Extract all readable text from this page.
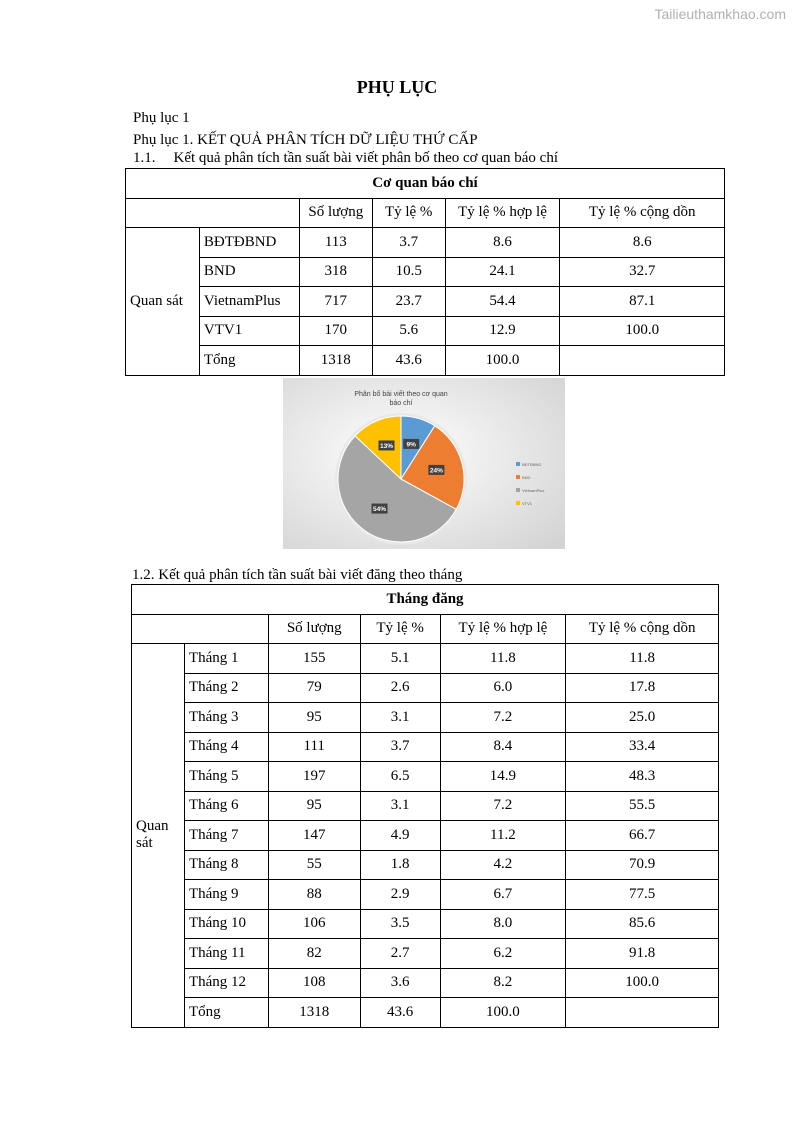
Tailieuthamkhao.com
PHỤ LỤC
Phụ lục 1
Phụ lục 1. KẾT QUẢ PHÂN TÍCH DỮ LIỆU THỨ CẤP
1.1. Kết quả phân tích tần suất bài viết phân bố theo cơ quan báo chí
Cơ quan báo chí					
		Số lượng	Tỷ lệ %	Tỷ lệ % hợp lệ	Tỷ lệ % cộng dồn
Quan sát	BĐTĐBND	113	3.7	8.6	8.6
	BND	318	10.5	24.1	32.7
	VietnamPlus	717	23.7	54.4	87.1
	VTV1	170	5.6	12.9	100.0
	Tổng	1318	43.6	100.0	
Phân bổ bài viết theo cơ quan
báo chí
9%
24%
54%
13%
BĐTĐBND
BND
VietnamPlus
VTV1
1.2. Kết quả phân tích tần suất bài viết đăng theo tháng
Tháng đăng					
		Số lượng	Tỷ lệ %	Tỷ lệ % hợp lệ	Tỷ lệ % cộng dồn
Quan sát	Tháng 1	155	5.1	11.8	11.8
	Tháng 2	79	2.6	6.0	17.8
	Tháng 3	95	3.1	7.2	25.0
	Tháng 4	111	3.7	8.4	33.4
	Tháng 5	197	6.5	14.9	48.3
	Tháng 6	95	3.1	7.2	55.5
	Tháng 7	147	4.9	11.2	66.7
	Tháng 8	55	1.8	4.2	70.9
	Tháng 9	88	2.9	6.7	77.5
	Tháng 10	106	3.5	8.0	85.6
	Tháng 11	82	2.7	6.2	91.8
	Tháng 12	108	3.6	8.2	100.0
	Tổng	1318	43.6	100.0	
